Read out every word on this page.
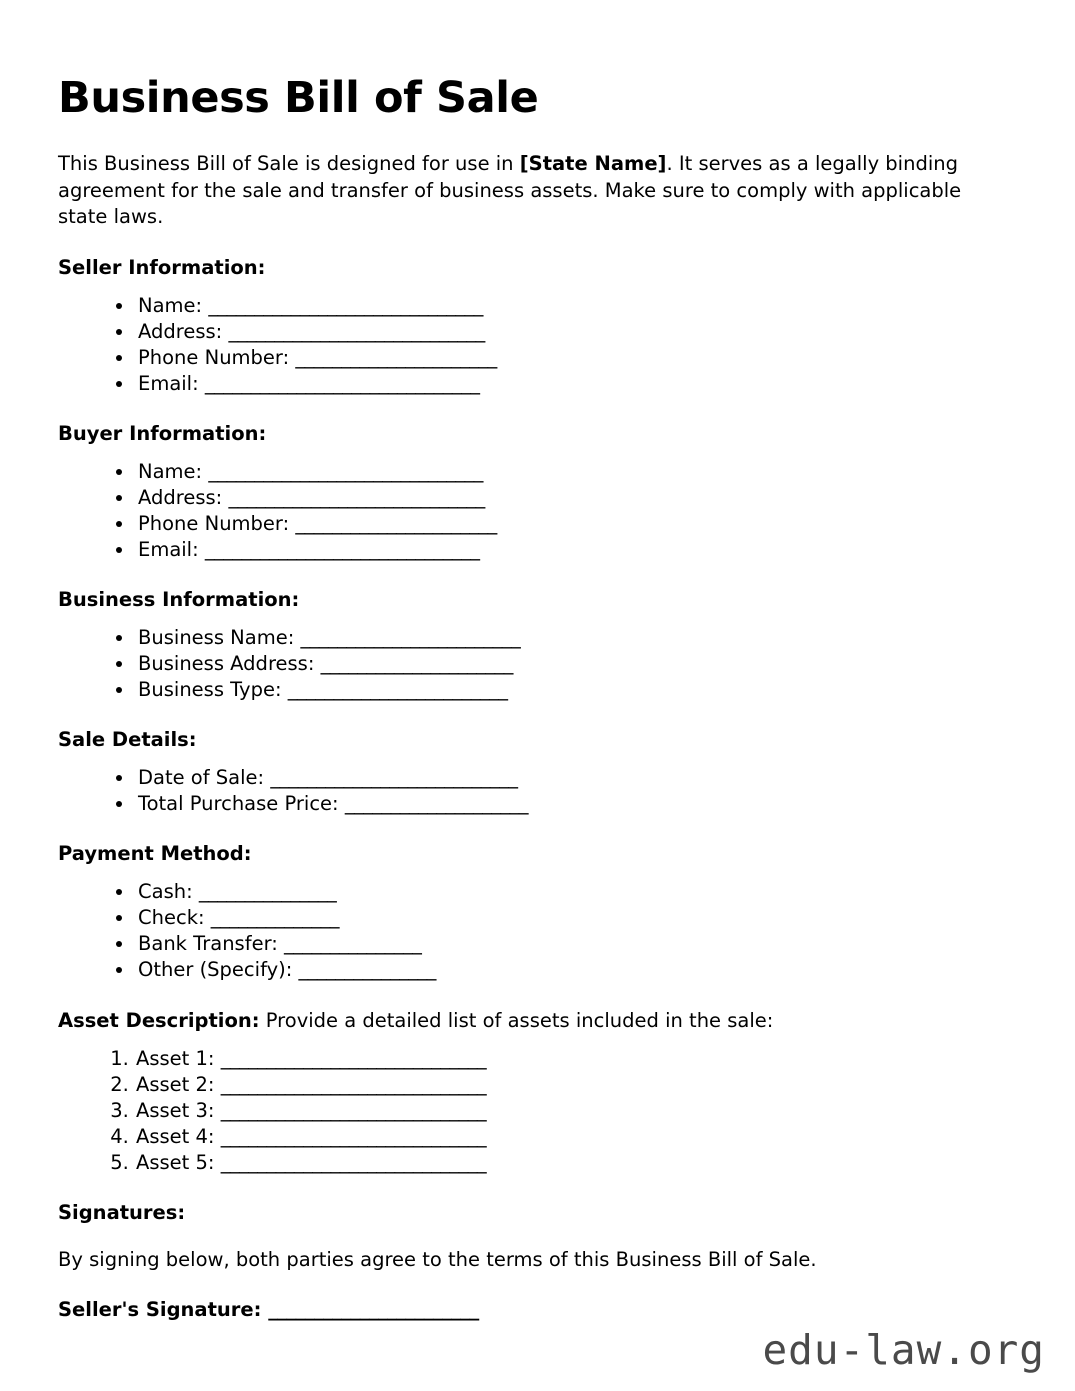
Business Bill of Sale

This Business Bill of Sale is designed for use in [State Name]. It serves as a legally binding agreement for the sale and transfer of business assets. Make sure to comply with applicable state laws.

Seller Information:
• Name: ______________________________
• Address: ____________________________
• Phone Number: ______________________
• Email: ______________________________
Buyer Information:
• Name: ______________________________
• Address: ____________________________
• Phone Number: ______________________
• Email: ______________________________
Business Information:
• Business Name: ________________________
• Business Address: _____________________
• Business Type: ________________________
Sale Details:
• Date of Sale: ___________________________
• Total Purchase Price: ____________________
Payment Method:
• Cash: _______________
• Check: ______________
• Bank Transfer: _______________
• Other (Specify): _______________

Asset Description: Provide a detailed list of assets included in the sale:

1. Asset 1: _____________________________
2. Asset 2: _____________________________
3. Asset 3: _____________________________
4. Asset 4: _____________________________
5. Asset 5: _____________________________
Signatures:

By signing below, both parties agree to the terms of this Business Bill of Sale.

Seller's Signature: _______________________

edu-law.org
